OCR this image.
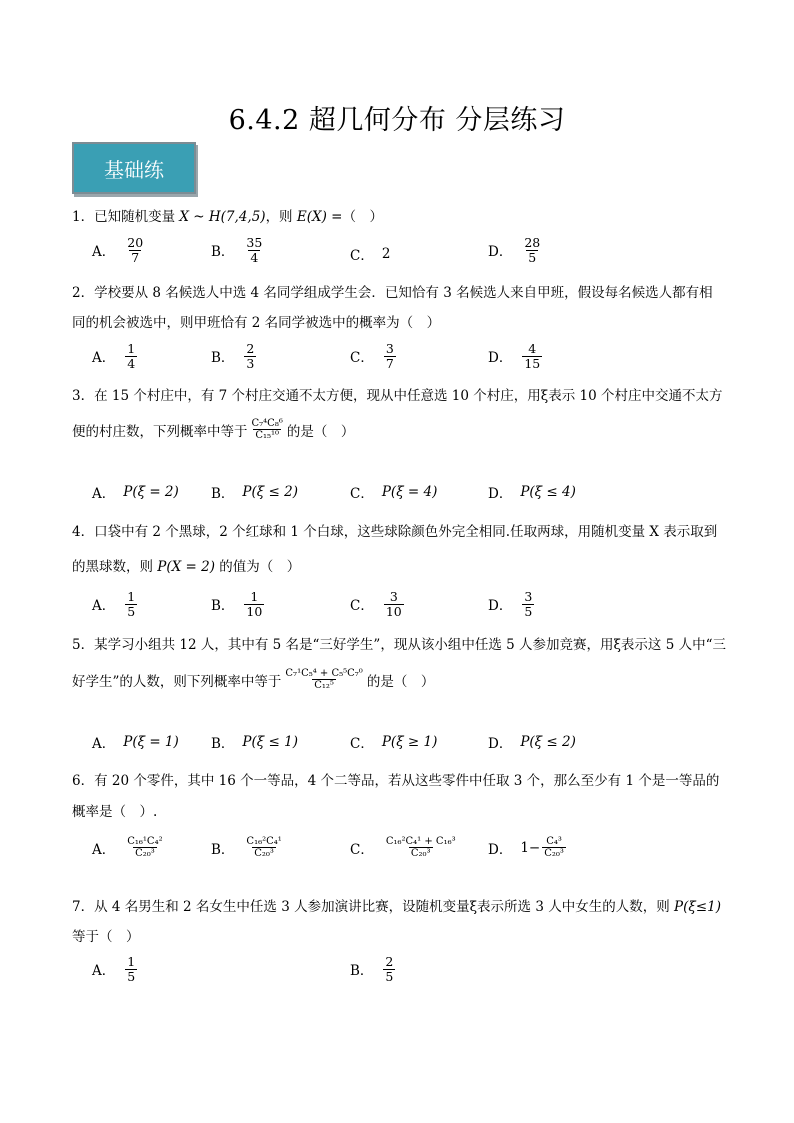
6.4.2 超几何分布 分层练习
基础练
1．已知随机变量 X ~ H(7,4,5)，则 E(X) =（　）
A． $\frac{20}{7}$	B． $\frac{35}{4}$	C． 2	D． $\frac{28}{5}$
2．学校要从 8 名候选人中选 4 名同学组成学生会．已知恰有 3 名候选人来自甲班，假设每名候选人都有相
同的机会被选中，则甲班恰有 2 名同学被选中的概率为（　）
A． $\frac{1}{4}$	B． $\frac{2}{3}$	C． $\frac{3}{7}$	D． $\frac{4}{15}$
3．在 15 个村庄中，有 7 个村庄交通不太方便，现从中任意选 10 个村庄，用ξ表示 10 个村庄中交通不太方
便的村庄数，下列概率中等于 $\frac{\text{C₇⁴C₈⁶}}{\text{C₁₅¹⁰}}$ 的是（　）
A． P(ξ = 2) B． P(ξ ≤ 2)	C． P(ξ = 4)	D． P(ξ ≤ 4)
4．口袋中有 2 个黑球，2 个红球和 1 个白球，这些球除颜色外完全相同.任取两球，用随机变量 X 表示取到
的黑球数，则 P(X = 2) 的值为（　）
A． $\frac{1}{5}$	B． $\frac{1}{10}$	C． $\frac{3}{10}$	D． $\frac{3}{5}$
5．某学习小组共 12 人，其中有 5 名是“三好学生”，现从该小组中任选 5 人参加竞赛，用ξ表示这 5 人中“三
好学生”的人数，则下列概率中等于 $\frac{\text{C₇¹C₅⁴ + C₅⁵C₇⁰}}{\text{C₁₂⁵}}$ 的是（　）
A． P(ξ = 1) B． P(ξ ≤ 1)	C． P(ξ ≥ 1)	D． P(ξ ≤ 2)
6．有 20 个零件，其中 16 个一等品，4 个二等品，若从这些零件中任取 3 个，那么至少有 1 个是一等品的
概率是（　）.
A． $\frac{\text{C₁₆¹C₄²}}{\text{C₂₀³}}$	B． $\frac{\text{C₁₆²C₄¹}}{\text{C₂₀³}}$	C． $\frac{\text{C₁₆²C₄¹ + C₁₆³}}{\text{C₂₀³}}$ D． $1- \frac{\text{C₄³}}{\text{C₂₀³}}$
7．从 4 名男生和 2 名女生中任选 3 人参加演讲比赛，设随机变量ξ表示所选 3 人中女生的人数，则 P(ξ≤1)
等于（　）
A． $\frac{1}{5}$	B． $\frac{2}{5}$
